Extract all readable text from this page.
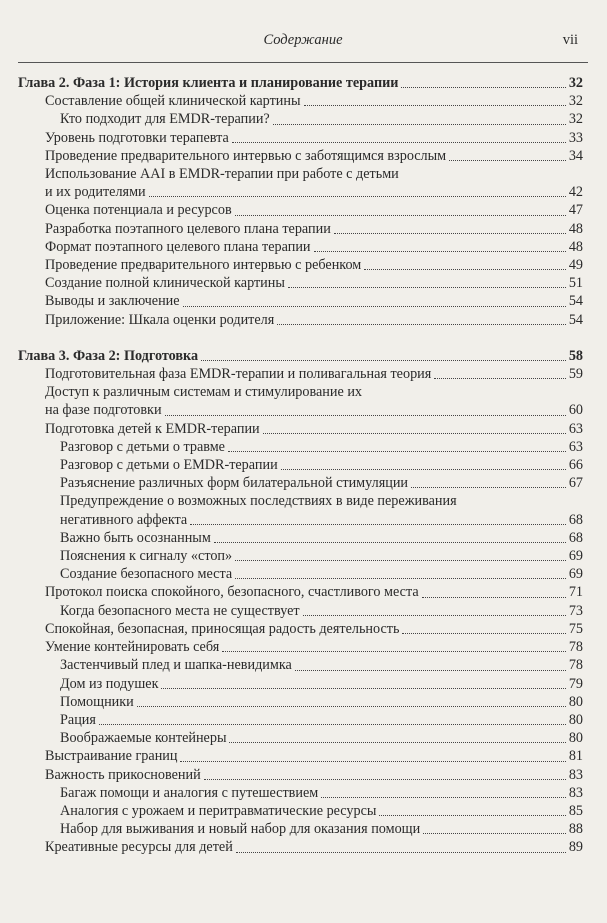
Содержание	vii
Глава 2. Фаза 1: История клиента и планирование терапии	32
Составление общей клинической картины	32
Кто подходит для EMDR-терапии?	32
Уровень подготовки терапевта	33
Проведение предварительного интервью с заботящимся взрослым	34
Использование AAI в EMDR-терапии при работе с детьми
и их родителями	42
Оценка потенциала и ресурсов	47
Разработка поэтапного целевого плана терапии	48
Формат поэтапного целевого плана терапии	48
Проведение предварительного интервью с ребенком	49
Создание полной клинической картины	51
Выводы и заключение	54
Приложение: Шкала оценки родителя	54
Глава 3. Фаза 2: Подготовка	58
Подготовительная фаза EMDR-терапии и поливагальная теория	59
Доступ к различным системам и стимулирование их
на фазе подготовки	60
Подготовка детей к EMDR-терапии	63
Разговор с детьми о травме	63
Разговор с детьми о EMDR-терапии	66
Разъяснение различных форм билатеральной стимуляции	67
Предупреждение о возможных последствиях в виде переживания
негативного аффекта	68
Важно быть осознанным	68
Пояснения к сигналу «стоп»	69
Создание безопасного места	69
Протокол поиска спокойного, безопасного, счастливого места	71
Когда безопасного места не существует	73
Спокойная, безопасная, приносящая радость деятельность	75
Умение контейнировать себя	78
Застенчивый плед и шапка-невидимка	78
Дом из подушек	79
Помощники	80
Рация	80
Воображаемые контейнеры	80
Выстраивание границ	81
Важность прикосновений	83
Багаж помощи и аналогия с путешествием	83
Аналогия с урожаем и перитравматические ресурсы	85
Набор для выживания и новый набор для оказания помощи	88
Креативные ресурсы для детей	89
